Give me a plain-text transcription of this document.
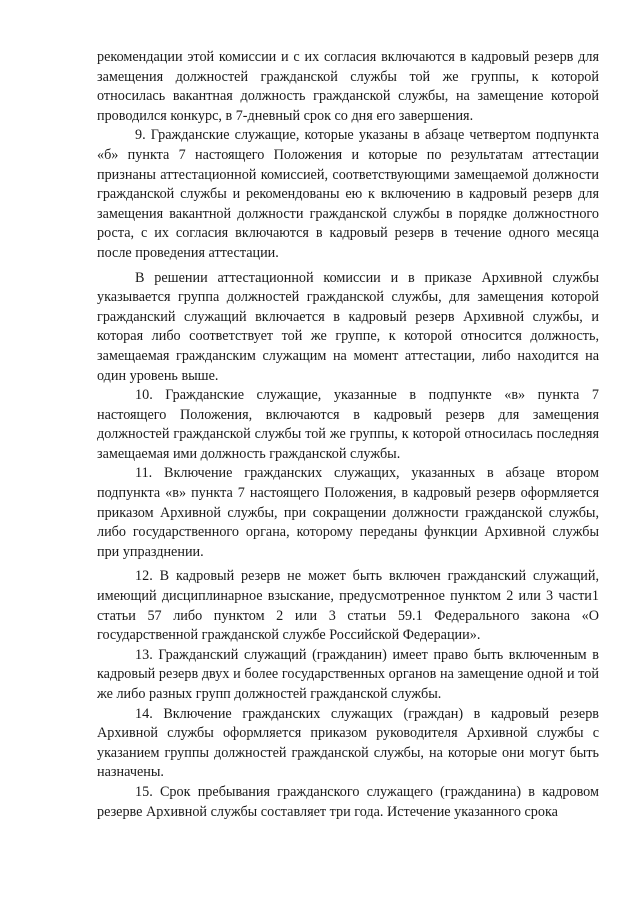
рекомендации этой комиссии и с их согласия включаются в кадровый резерв для замещения должностей гражданской службы той же группы, к которой относилась вакантная должность гражданской службы, на замещение которой проводился конкурс, в 7-дневный срок со дня его завершения.

9. Гражданские служащие, которые указаны в абзаце четвертом подпункта «б» пункта 7 настоящего Положения и которые по результатам аттестации признаны аттестационной комиссией, соответствующими замещаемой должности гражданской службы и рекомендованы ею к включению в кадровый резерв для замещения вакантной должности гражданской службы в порядке должностного роста, с их согласия включаются в кадровый резерв в течение одного месяца после проведения аттестации.

В решении аттестационной комиссии и в приказе Архивной службы указывается группа должностей гражданской службы, для замещения которой гражданский служащий включается в кадровый резерв Архивной службы, и которая либо соответствует той же группе, к которой относится должность, замещаемая гражданским служащим на момент аттестации, либо находится на один уровень выше.

10. Гражданские служащие, указанные в подпункте «в» пункта 7 настоящего Положения, включаются в кадровый резерв для замещения должностей гражданской службы той же группы, к которой относилась последняя замещаемая ими должность гражданской службы.

11. Включение гражданских служащих, указанных в абзаце втором подпункта «в» пункта 7 настоящего Положения, в кадровый резерв оформляется приказом Архивной службы, при сокращении должности гражданской службы, либо государственного органа, которому переданы функции Архивной службы при упразднении.

12. В кадровый резерв не может быть включен гражданский служащий, имеющий дисциплинарное взыскание, предусмотренное пунктом 2 или 3 части1 статьи 57 либо пунктом 2 или 3 статьи 59.1 Федерального закона «О государственной гражданской службе Российской Федерации».

13. Гражданский служащий (гражданин) имеет право быть включенным в кадровый резерв двух и более государственных органов на замещение одной и той же либо разных групп должностей гражданской службы.

14. Включение гражданских служащих (граждан) в кадровый резерв Архивной службы оформляется приказом руководителя Архивной службы с указанием группы должностей гражданской службы, на которые они могут быть назначены.

15. Срок пребывания гражданского служащего (гражданина) в кадровом резерве Архивной службы составляет три года. Истечение указанного срока
